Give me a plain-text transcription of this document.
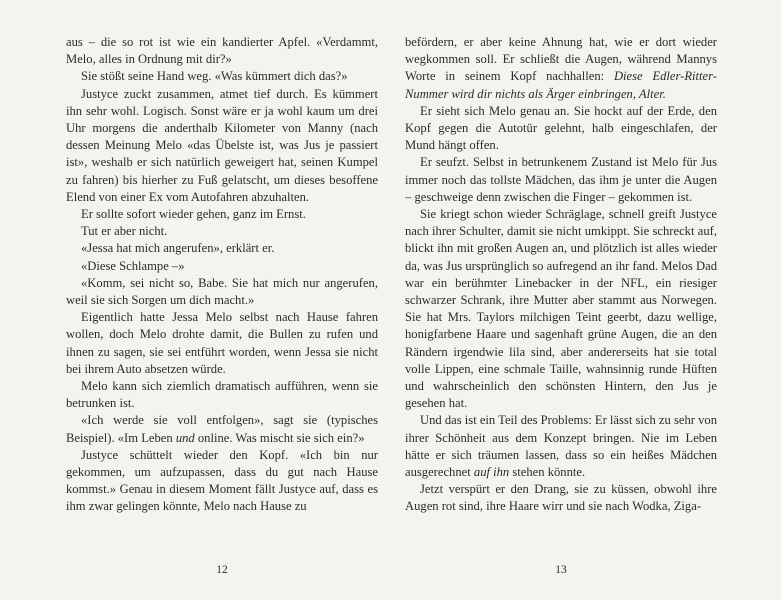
aus – die so rot ist wie ein kandierter Apfel. «Verdammt, Melo, alles in Ordnung mit dir?»

Sie stößt seine Hand weg. «Was kümmert dich das?»

Justyce zuckt zusammen, atmet tief durch. Es kümmert ihn sehr wohl. Logisch. Sonst wäre er ja wohl kaum um drei Uhr morgens die anderthalb Kilometer von Manny (nach dessen Meinung Melo «das Übelste ist, was Jus je passiert ist», weshalb er sich natürlich geweigert hat, seinen Kumpel zu fahren) bis hierher zu Fuß gelatscht, um dieses besoffene Elend von einer Ex vom Autofahren abzuhalten.

Er sollte sofort wieder gehen, ganz im Ernst.

Tut er aber nicht.

«Jessa hat mich angerufen», erklärt er.

«Diese Schlampe –»

«Komm, sei nicht so, Babe. Sie hat mich nur angerufen, weil sie sich Sorgen um dich macht.»

Eigentlich hatte Jessa Melo selbst nach Hause fahren wollen, doch Melo drohte damit, die Bullen zu rufen und ihnen zu sagen, sie sei entführt worden, wenn Jessa sie nicht bei ihrem Auto absetzen würde.

Melo kann sich ziemlich dramatisch aufführen, wenn sie betrunken ist.

«Ich werde sie voll entfolgen», sagt sie (typisches Beispiel). «Im Leben und online. Was mischt sie sich ein?»

Justyce schüttelt wieder den Kopf. «Ich bin nur gekommen, um aufzupassen, dass du gut nach Hause kommst.» Genau in diesem Moment fällt Justyce auf, dass es ihm zwar gelingen könnte, Melo nach Hause zu

12

befördern, er aber keine Ahnung hat, wie er dort wieder wegkommen soll. Er schließt die Augen, während Mannys Worte in seinem Kopf nachhallen: Diese Edler-Ritter-Nummer wird dir nichts als Ärger einbringen, Alter.

Er sieht sich Melo genau an. Sie hockt auf der Erde, den Kopf gegen die Autotür gelehnt, halb eingeschlafen, der Mund hängt offen.

Er seufzt. Selbst in betrunkenem Zustand ist Melo für Jus immer noch das tollste Mädchen, das ihm je unter die Augen – geschweige denn zwischen die Finger – gekommen ist.

Sie kriegt schon wieder Schräglage, schnell greift Justyce nach ihrer Schulter, damit sie nicht umkippt. Sie schreckt auf, blickt ihn mit großen Augen an, und plötzlich ist alles wieder da, was Jus ursprünglich so aufregend an ihr fand. Melos Dad war ein berühmter Linebacker in der NFL, ein riesiger schwarzer Schrank, ihre Mutter aber stammt aus Norwegen. Sie hat Mrs. Taylors milchigen Teint geerbt, dazu wellige, honigfarbene Haare und sagenhaft grüne Augen, die an den Rändern irgendwie lila sind, aber andererseits hat sie total volle Lippen, eine schmale Taille, wahnsinnig runde Hüften und wahrscheinlich den schönsten Hintern, den Jus je gesehen hat.

Und das ist ein Teil des Problems: Er lässt sich zu sehr von ihrer Schönheit aus dem Konzept bringen. Nie im Leben hätte er sich träumen lassen, dass so ein heißes Mädchen ausgerechnet auf ihn stehen könnte.

Jetzt verspürt er den Drang, sie zu küssen, obwohl ihre Augen rot sind, ihre Haare wirr und sie nach Wodka, Ziga-

13
